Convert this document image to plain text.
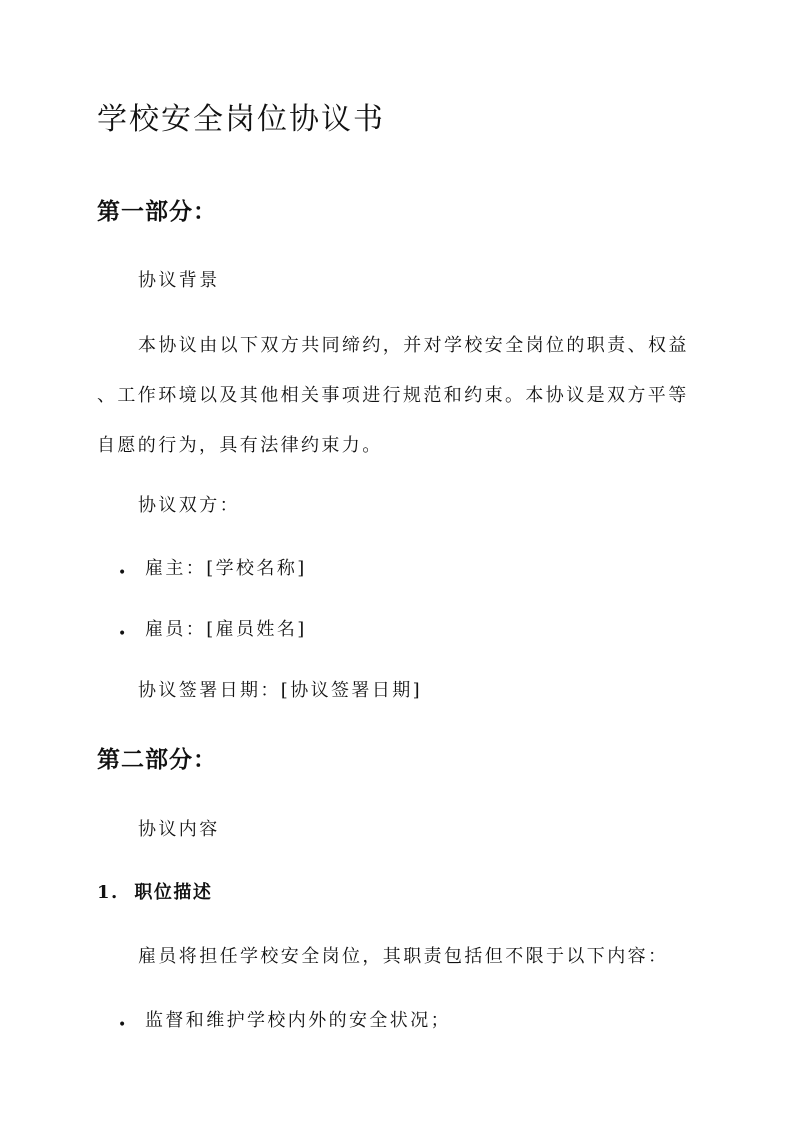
学校安全岗位协议书
第一部分：
协议背景
本协议由以下双方共同缔约，并对学校安全岗位的职责、权益
、工作环境以及其他相关事项进行规范和约束。本协议是双方平等
自愿的行为，具有法律约束力。
协议双方：
• 雇主：[学校名称]
• 雇员：[雇员姓名]
协议签署日期：[协议签署日期]
第二部分：
协议内容
1.  职位描述
雇员将担任学校安全岗位，其职责包括但不限于以下内容：
• 监督和维护学校内外的安全状况；
